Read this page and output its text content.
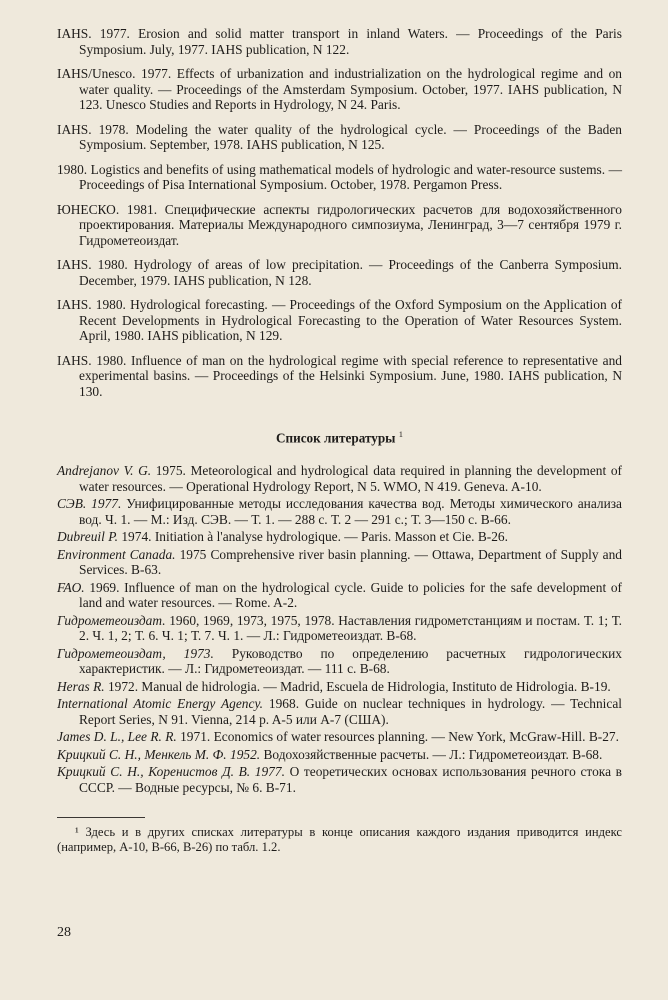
IAHS. 1977. Erosion and solid matter transport in inland Waters. — Proceedings of the Paris Symposium. July, 1977. IAHS publication, N 122.

IAHS/Unesco. 1977. Effects of urbanization and industrialization on the hydrological regime and on water quality. — Proceedings of the Amsterdam Symposium. October, 1977. IAHS publication, N 123. Unesco Studies and Reports in Hydrology, N 24. Paris.

IAHS. 1978. Modeling the water quality of the hydrological cycle. — Proceedings of the Baden Symposium. September, 1978. IAHS publication, N 125.

1980. Logistics and benefits of using mathematical models of hydrologic and water-resource sustems. — Proceedings of Pisa International Symposium. October, 1978. Pergamon Press.

ЮНЕСКО. 1981. Специфические аспекты гидрологических расчетов для водохозяйственного проектирования. Материалы Международного симпозиума, Ленинград, 3—7 сентября 1979 г. Гидрометеоиздат.

IAHS. 1980. Hydrology of areas of low precipitation. — Proceedings of the Canberra Symposium. December, 1979. IAHS publication, N 128.

IAHS. 1980. Hydrological forecasting. — Proceedings of the Oxford Symposium on the Application of Recent Developments in Hydrological Forecasting to the Operation of Water Resources System. April, 1980. IAHS piblication, N 129.

IAHS. 1980. Influence of man on the hydrological regime with special reference to representative and experimental basins. — Proceedings of the Helsinki Symposium. June, 1980. IAHS publication, N 130.

Список литературы $^1$

Andrejanov V. G. 1975. Meteorological and hydrological data required in planning the development of water resources. — Operational Hydrology Report, N 5. WMO, N 419. Geneva. A-10.

СЭВ. 1977. Унифицированные методы исследования качества вод. Методы химического анализа вод. Ч. 1. — М.: Изд. СЭВ. — Т. 1. — 288 с. Т. 2 — 291 с.; Т. 3—150 с. B-66.

Dubreuil P. 1974. Initiation à l'analyse hydrologique. — Paris. Masson et Cie. B-26.

Environment Canada. 1975 Comprehensive river basin planning. — Ottawa, Department of Supply and Services. B-63.

FAO. 1969. Influence of man on the hydrological cycle. Guide to policies for the safe development of land and water resources. — Rome. A-2.

Гидрометеоиздат. 1960, 1969, 1973, 1975, 1978. Наставления гидрометстанциям и постам. Т. 1; Т. 2. Ч. 1, 2; Т. 6. Ч. 1; Т. 7. Ч. 1. — Л.: Гидрометеоиздат. B-68.

Гидрометеоиздат, 1973. Руководство по определению расчетных гидрологических характеристик. — Л.: Гидрометеоиздат. — 111 с. B-68.

Heras R. 1972. Manual de hidrologia. — Madrid, Escuela de Hidrologia, Instituto de Hidrologia. B-19.

International Atomic Energy Agency. 1968. Guide on nuclear techniques in hydrology. — Technical Report Series, N 91. Vienna, 214 p. A-5 или A-7 (США).

James D. L., Lee R. R. 1971. Economics of water resources planning. — New York, McGraw-Hill. B-27.

Крицкий С. Н., Менкель М. Ф. 1952. Водохозяйственные расчеты. — Л.: Гидрометеоиздат. B-68.

Крицкий С. Н., Коренистов Д. В. 1977. О теоретических основах использования речного стока в СССР. — Водные ресурсы, № 6. B-71.

¹ Здесь и в других списках литературы в конце описания каждого издания приводится индекс (например, A-10, B-66, B-26) по табл. 1.2.

28
